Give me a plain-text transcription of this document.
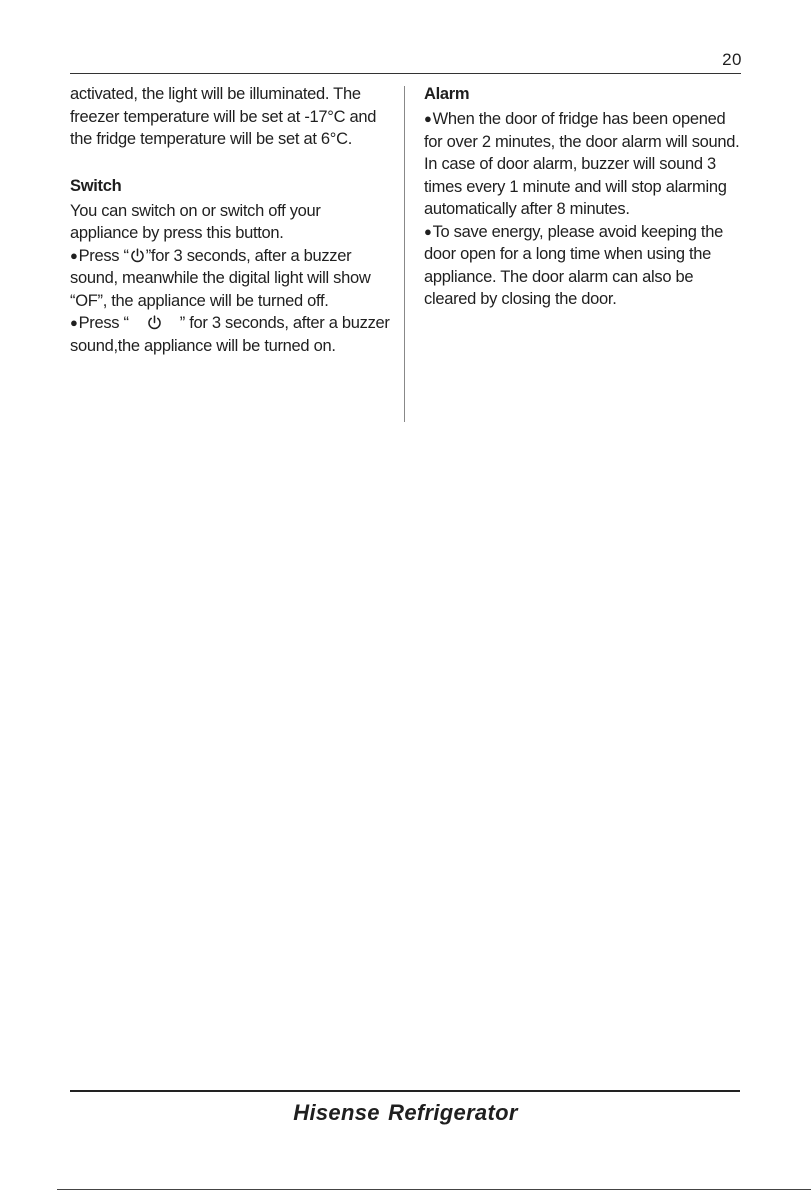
20

activated, the light will be illuminated. The freezer temperature will be set at -17°C and the fridge temperature will be set at 6°C.

Switch

You can switch on or switch off your appliance by press this button.

●Press “ ”for 3 seconds, after a buzzer sound, meanwhile the digital light will show “OF”, the appliance will be turned off.

●Press “	” for 3 seconds, after a buzzer sound,the appliance will be turned on.

Alarm

●When the door of fridge has been opened for over 2 minutes, the door alarm will sound. In case of door alarm, buzzer will sound 3 times every 1 minute and will stop alarming automatically after 8 minutes.

●To save energy, please avoid keeping the door open for a long time when using the appliance. The door alarm can also be cleared by closing the door.

Hisense Refrigerator
